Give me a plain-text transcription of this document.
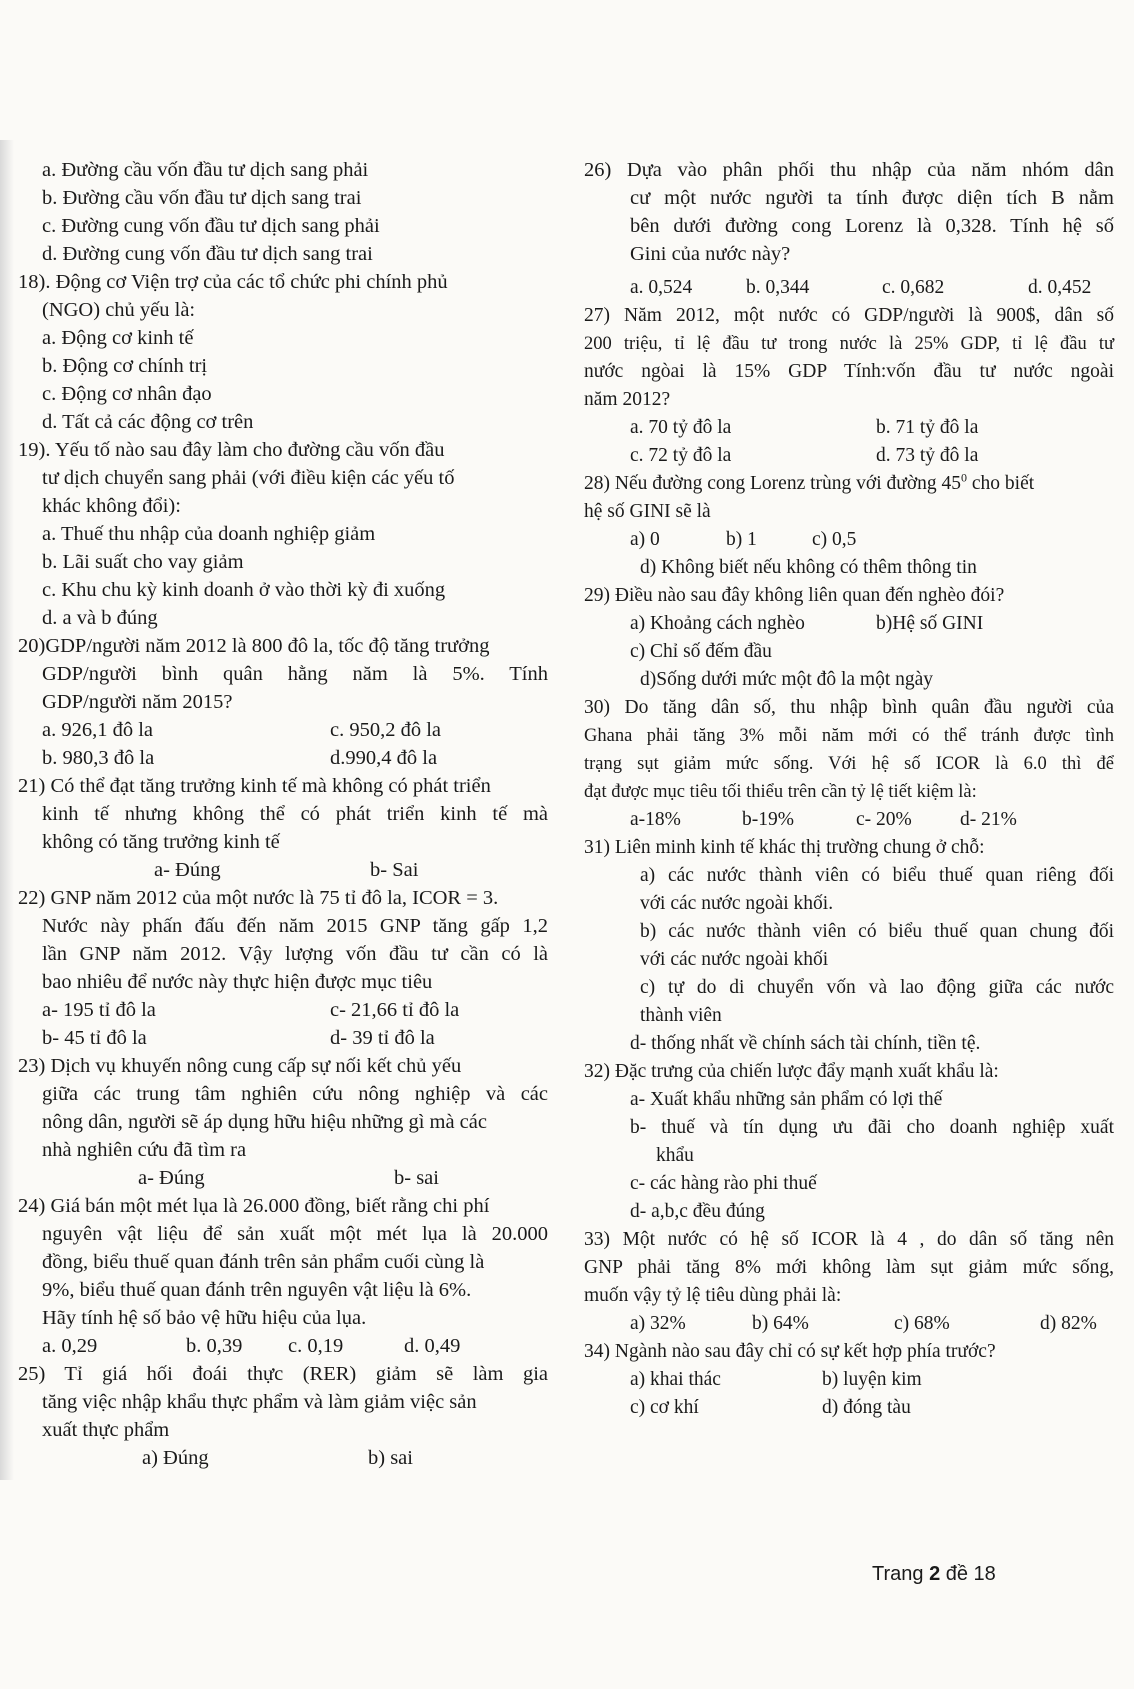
a. Đường cầu vốn đầu tư dịch sang phải
b. Đường cầu vốn đầu tư dịch sang trai
c. Đường cung vốn đầu tư dịch sang phải
d. Đường cung vốn đầu tư dịch sang trai
18). Động cơ Viện trợ của các tổ chức phi chính phủ
(NGO) chủ yếu là:
a. Động cơ kinh tế
b. Động cơ chính trị
c. Động cơ nhân đạo
d. Tất cả các động cơ trên
19). Yếu tố nào sau đây làm cho đường cầu vốn đầu
tư dịch chuyển sang phải (với điều kiện các yếu tố
khác không đổi):
a. Thuế thu nhập của doanh nghiệp giảm
b. Lãi suất cho vay giảm
c. Khu chu kỳ kinh doanh ở vào thời kỳ đi xuống
d. a và b đúng
20)GDP/người năm 2012 là 800 đô la, tốc độ tăng trưởng
GDP/người bình quân hằng năm là 5%. Tính
GDP/người năm 2015?
a. 926,1 đô la	c. 950,2 đô la
b. 980,3 đô la	d.990,4 đô la
21) Có thể đạt tăng trưởng kinh tế mà không có phát triển
kinh tế nhưng không thể có phát triển kinh tế mà
không có tăng trưởng kinh tế
a- Đúng	b- Sai
22) GNP năm 2012 của một nước là 75 tỉ đô la, ICOR = 3.
Nước này phấn đấu đến năm 2015 GNP tăng gấp 1,2
lần GNP năm 2012. Vậy lượng vốn đầu tư cần có là
bao nhiêu để nước này thực hiện được mục tiêu
a- 195 tỉ đô la	c- 21,66 tỉ đô la
b- 45 tỉ đô la	d- 39 tỉ đô la
23) Dịch vụ khuyến nông cung cấp sự nối kết chủ yếu
giữa các trung tâm nghiên cứu nông nghiệp và các
nông dân, người sẽ áp dụng hữu hiệu những gì mà các
nhà nghiên cứu đã tìm ra
a- Đúng	b- sai
24) Giá bán một mét lụa là 26.000 đồng, biết rằng chi phí
nguyên vật liệu để sản xuất một mét lụa là 20.000
đồng, biểu thuế quan đánh trên sản phẩm cuối cùng là
9%, biểu thuế quan đánh trên nguyên vật liệu là 6%.
Hãy tính hệ số bảo vệ hữu hiệu của lụa.
a. 0,29	b. 0,39	c. 0,19	d. 0,49
25) Tỉ giá hối đoái thực (RER) giảm sẽ làm gia
tăng việc nhập khẩu thực phẩm và làm giảm việc sản
xuất thực phẩm
a) Đúng	b) sai
26) Dựa vào phân phối thu nhập của năm nhóm dân
cư một nước người ta tính được diện tích B nằm
bên dưới đường cong Lorenz là 0,328. Tính hệ số
Gini của nước này?
a. 0,524	b. 0,344	c. 0,682	d. 0,452
27) Năm 2012, một nước có GDP/người là 900$, dân số
200 triệu, tỉ lệ đầu tư trong nước là 25% GDP, tỉ lệ đầu tư
nước ngòai là 15% GDP Tính:vốn đầu tư nước ngoài
năm 2012?
a. 70 tỷ đô la	b. 71 tỷ đô la
c. 72 tỷ đô la	d. 73 tỷ đô la
28) Nếu đường cong Lorenz trùng với đường $45^0$ cho biết
hệ số GINI sẽ là
a) 0	b) 1	c) 0,5
d) Không biết nếu không có thêm thông tin
29) Điều nào sau đây không liên quan đến nghèo đói?
a) Khoảng cách nghèo	b)Hệ số GINI
c) Chỉ số đếm đầu
d)Sống dưới mức một đô la một ngày
30) Do tăng dân số, thu nhập bình quân đầu người của
Ghana phải tăng 3% mỗi năm mới có thể tránh được tình
trạng sụt giảm mức sống. Với hệ số ICOR là 6.0 thì để
đạt được mục tiêu tối thiểu trên cần tỷ lệ tiết kiệm là:
a-18%	b-19%	c- 20%	d- 21%
31) Liên minh kinh tế khác thị trường chung ở chỗ:
a) các nước thành viên có biểu thuế quan riêng đối
với các nước ngoài khối.
b) các nước thành viên có biểu thuế quan chung đối
với các nước ngoài khối
c) tự do di chuyển vốn và lao động giữa các nước
thành viên
d- thống nhất về chính sách tài chính, tiền tệ.
32) Đặc trưng của chiến lược đẩy mạnh xuất khẩu là:
a- Xuất khẩu những sản phẩm có lợi thế
b- thuế và tín dụng ưu đãi cho doanh nghiệp xuất
khẩu
c- các hàng rào phi thuế
d- a,b,c đều đúng
33) Một nước có hệ số ICOR là 4 , do dân số tăng nên
GNP phải tăng 8% mới không làm sụt giảm mức sống,
muốn vậy tỷ lệ tiêu dùng phải là:
a) 32%	b) 64%	c) 68%	d) 82%
34) Ngành nào sau đây chỉ có sự kết hợp phía trước?
a) khai thác	b) luyện kim
c) cơ khí	d) đóng tàu
Trang 2 đề 18
